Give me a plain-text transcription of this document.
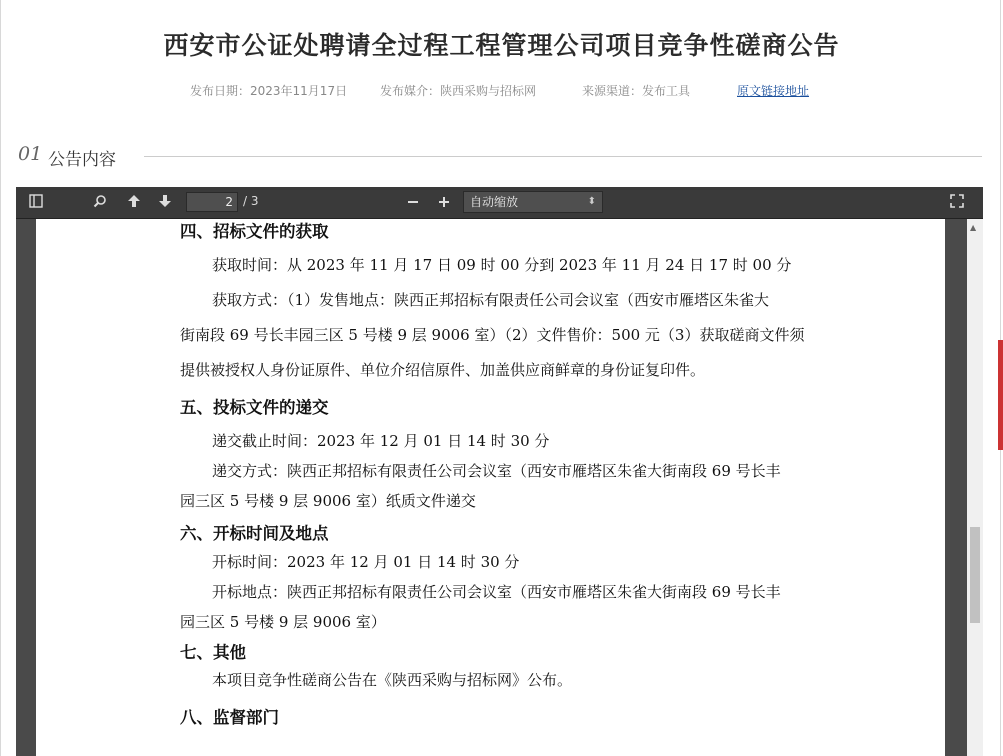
西安市公证处聘请全过程工程管理公司项目竞争性磋商公告
发布日期：2023年11月17日	发布媒介：陕西采购与招标网	来源渠道：发布工具	原文链接地址
01 公告内容
2 / 3	自动缩放	⬍
四、招标文件的获取
获取时间：从 2023 年 11 月 17 日 09 时 00 分到 2023 年 11 月 24 日 17 时 00 分
获取方式：（1）发售地点：陕西正邦招标有限责任公司会议室（西安市雁塔区朱雀大
街南段 69 号长丰园三区 5 号楼 9 层 9006 室）（2）文件售价：500 元（3）获取磋商文件须
提供被授权人身份证原件、单位介绍信原件、加盖供应商鲜章的身份证复印件。
五、投标文件的递交
递交截止时间：2023 年 12 月 01 日 14 时 30 分
递交方式：陕西正邦招标有限责任公司会议室（西安市雁塔区朱雀大街南段 69 号长丰
园三区 5 号楼 9 层 9006 室）纸质文件递交
六、开标时间及地点
开标时间：2023 年 12 月 01 日 14 时 30 分
开标地点：陕西正邦招标有限责任公司会议室（西安市雁塔区朱雀大街南段 69 号长丰
园三区 5 号楼 9 层 9006 室）
七、其他
本项目竞争性磋商公告在《陕西采购与招标网》公布。
八、监督部门
▲
